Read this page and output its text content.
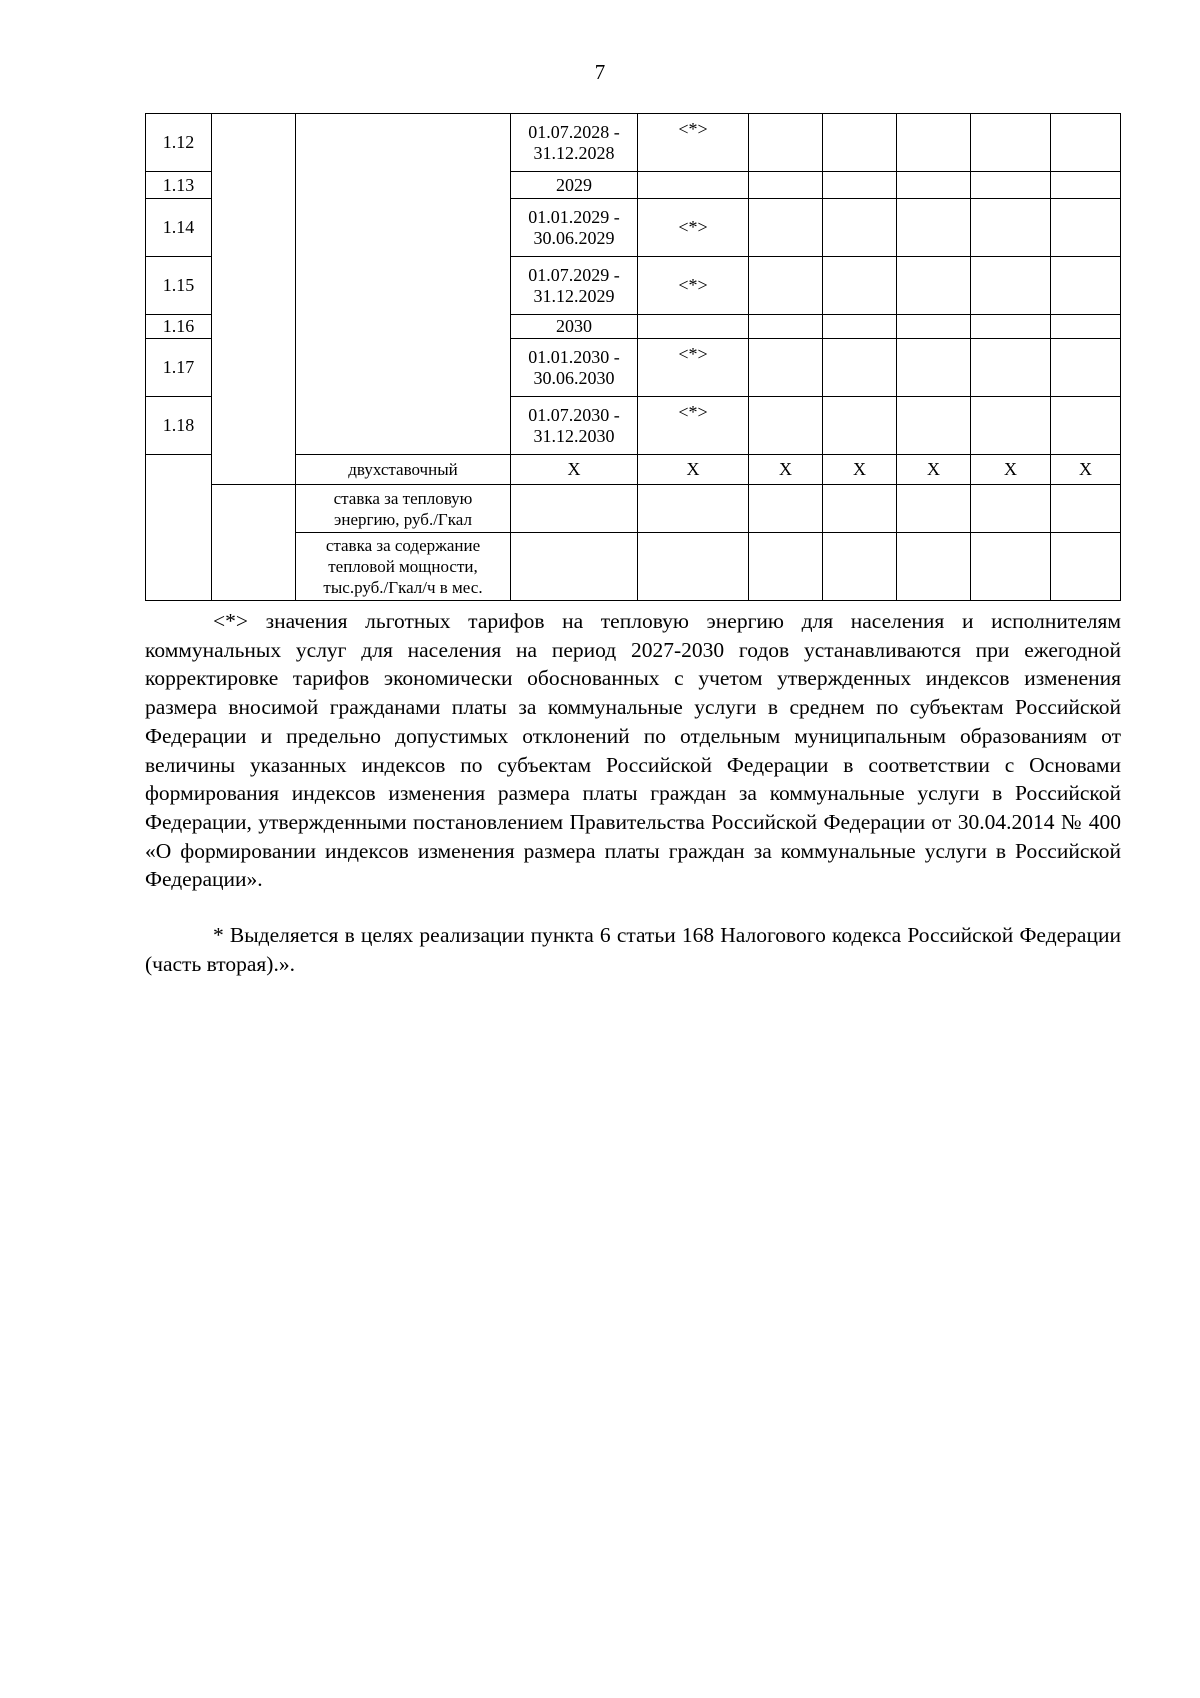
7
1.12			01.07.2028 - 31.12.2028	<*>					
1.13			2029						
1.14			01.01.2029 - 30.06.2029	<*>					
1.15			01.07.2029 - 31.12.2029	<*>					
1.16			2030						
1.17			01.01.2030 - 30.06.2030	<*>					
1.18			01.07.2030 - 31.12.2030	<*>					
		двухставочный	X	X	X	X	X	X	X
		ставка за тепловую энергию, руб./Гкал							
		ставка за содержание тепловой мощности, тыс.руб./Гкал/ч в мес.							

<*> значения льготных тарифов на тепловую энергию для населения и исполнителям коммунальных услуг для населения на период 2027-2030 годов устанавливаются при ежегодной корректировке тарифов экономически обоснованных с учетом утвержденных индексов изменения размера вносимой гражданами платы за коммунальные услуги в среднем по субъектам Российской Федерации и предельно допустимых отклонений по отдельным муниципальным образованиям от величины указанных индексов по субъектам Российской Федерации в соответствии с Основами формирования индексов изменения размера платы граждан за коммунальные услуги в Российской Федерации, утвержденными постановлением Правительства Российской Федерации от 30.04.2014 № 400 «О формировании индексов изменения размера платы граждан за коммунальные услуги в Российской Федерации».

* Выделяется в целях реализации пункта 6 статьи 168 Налогового кодекса Российской Федерации (часть вторая).».
